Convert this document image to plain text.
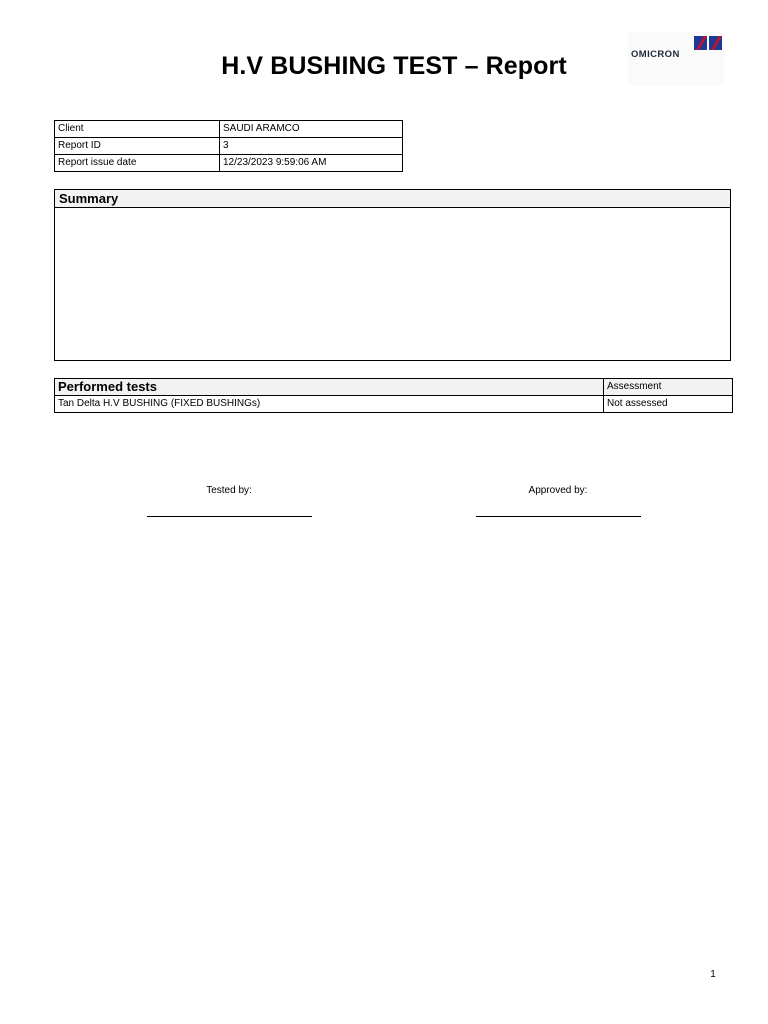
H.V BUSHING TEST – Report	OMICRON
Client	SAUDI ARAMCO
Report ID	3
Report issue date	12/23/2023 9:59:06 AM
Summary
Performed tests	Assessment
Tan Delta H.V BUSHING (FIXED BUSHINGs)	Not assessed
Tested by:	Approved by:
1
